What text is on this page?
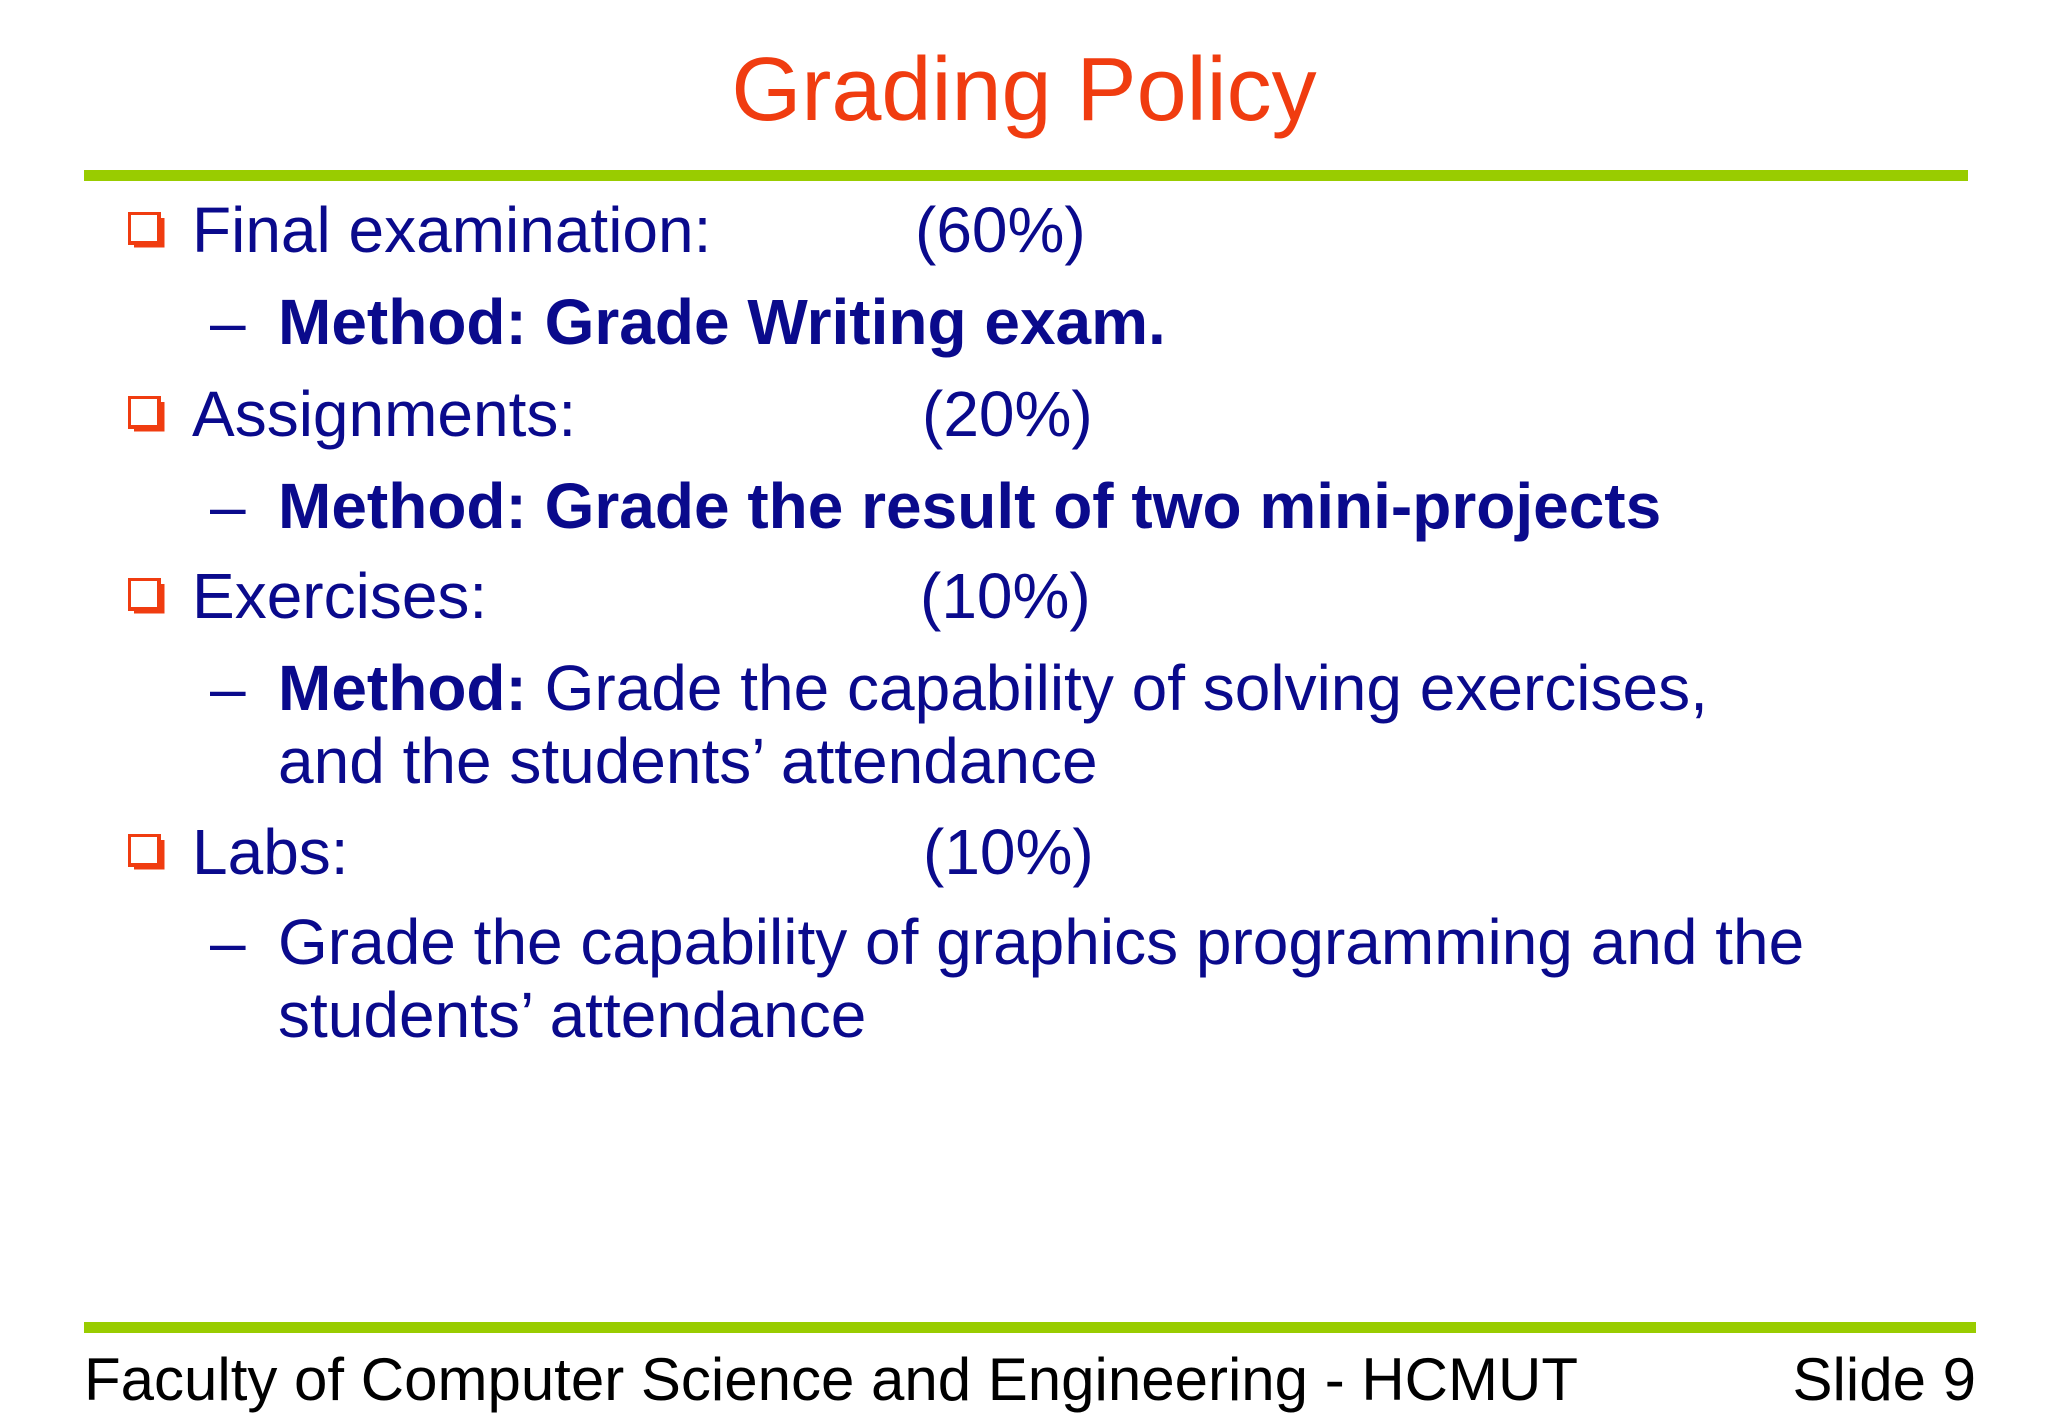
Grading Policy
Final examination:	(60%)
– Method: Grade Writing exam.
Assignments:	(20%)
– Method: Grade the result of two mini-projects
Exercises:	(10%)
– Method: Grade the capability of solving exercises,
and the students’ attendance
Labs:	(10%)
– Grade the capability of graphics programming and the
students’ attendance
Faculty of Computer Science and Engineering - HCMUT	Slide 9
